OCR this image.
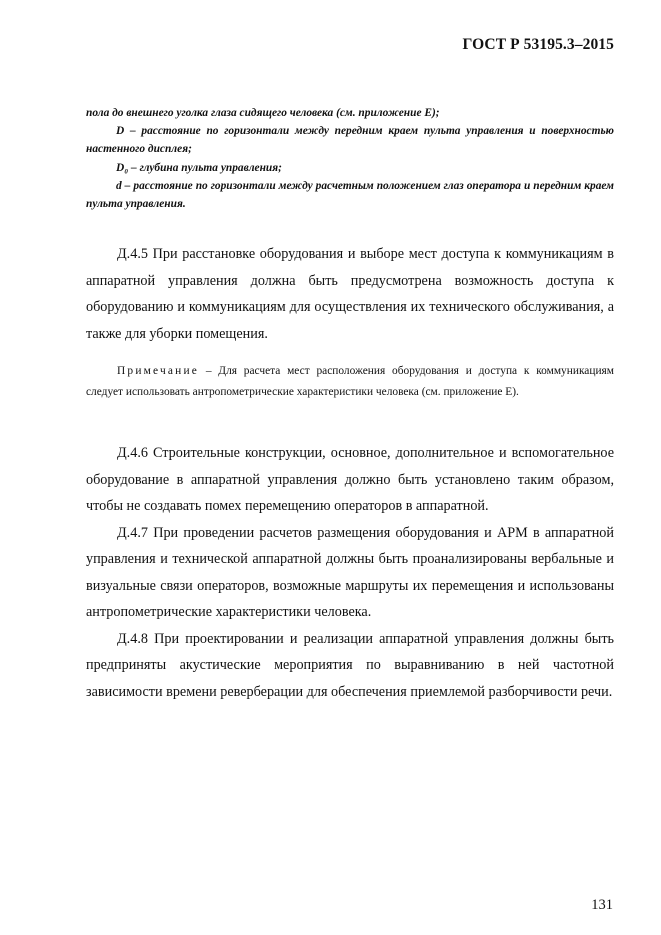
ГОСТ Р 53195.3–2015

пола до внешнего уголка глаза сидящего человека (см. приложение Е);

D – расстояние по горизонтали между передним краем пульта управления и поверхностью настенного дисплея;

D₀ – глубина пульта управления;

d – расстояние по горизонтали между расчетным положением глаз оператора и передним краем пульта управления.

Д.4.5 При расстановке оборудования и выборе мест доступа к коммуникациям в аппаратной управления должна быть предусмотрена возможность доступа к оборудованию и коммуникациям для осуществления их технического обслуживания, а также для уборки помещения.

Примечание – Для расчета мест расположения оборудования и доступа к коммуникациям следует использовать антропометрические характеристики человека (см. приложение Е).

Д.4.6 Строительные конструкции, основное, дополнительное и вспомогательное оборудование в аппаратной управления должно быть установлено таким образом, чтобы не создавать помех перемещению операторов в аппаратной.

Д.4.7 При проведении расчетов размещения оборудования и АРМ в аппаратной управления и технической аппаратной должны быть проанализированы вербальные и визуальные связи операторов, возможные маршруты их перемещения и использованы антропометрические характеристики человека.

Д.4.8 При проектировании и реализации аппаратной управления должны быть предприняты акустические мероприятия по выравниванию в ней частотной зависимости времени реверберации для обеспечения приемлемой разборчивости речи.

131
